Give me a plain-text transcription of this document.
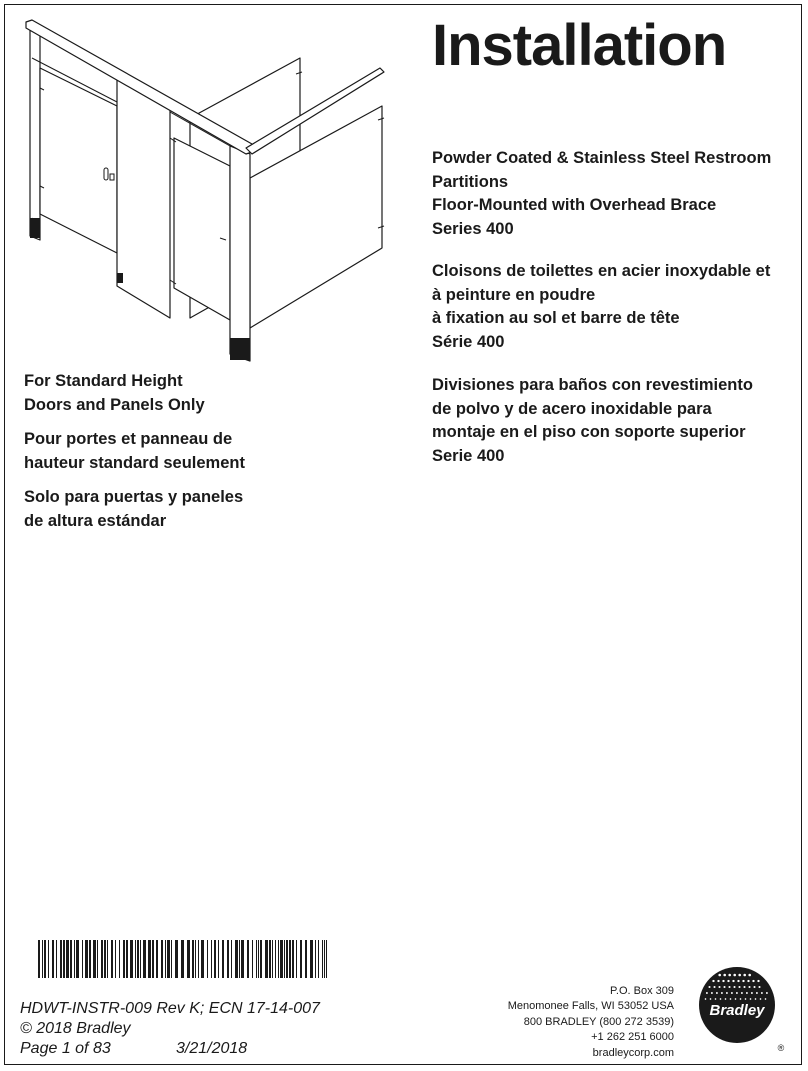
Installation

Powder Coated & Stainless Steel Restroom

Partitions

Floor-Mounted with Overhead Brace

Series 400

Cloisons de toilettes en acier inoxydable et

à peinture en poudre

à fixation au sol et barre de tête

Série 400

Divisiones para baños con revestimiento

de polvo y de acero inoxidable para

montaje en el piso con soporte superior

Serie 400

For Standard Height
Doors and Panels Only

Pour portes et panneau de
hauteur standard seulement

Solo para puertas y paneles
de altura estándar

HDWT-INSTR-009 Rev K; ECN 17-14-007
© 2018 Bradley
Page 1 of 83	3/21/2018
P.O. Box 309
Menomonee Falls, WI 53052 USA
800 BRADLEY (800 272 3539)
+1 262 251 6000
bradleycorp.com
Bradley
®
